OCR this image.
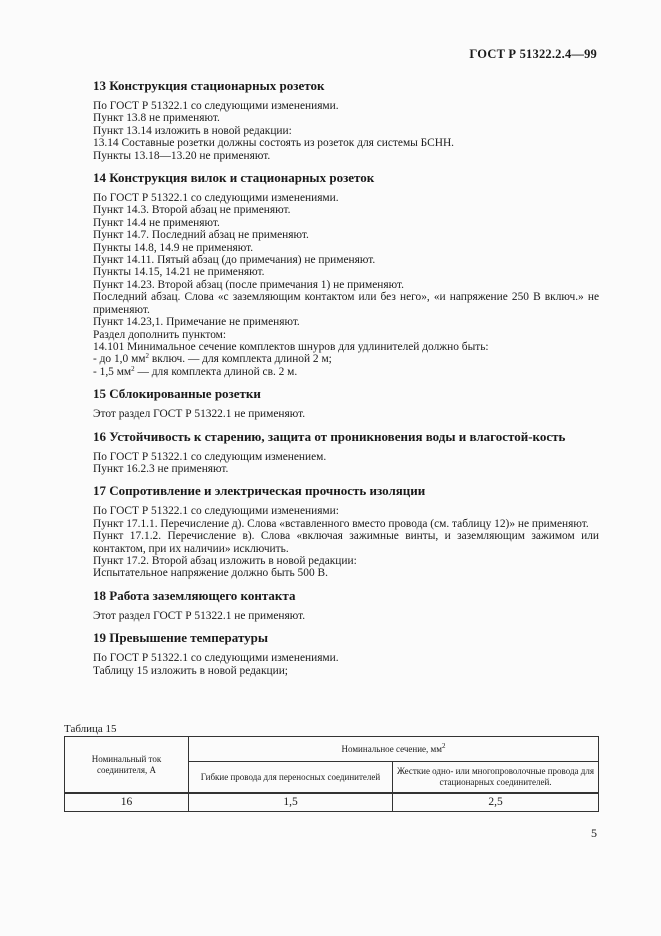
ГОСТ Р 51322.2.4—99
13 Конструкция стационарных розеток

По ГОСТ Р 51322.1 со следующими изменениями.

Пункт 13.8 не применяют.

Пункт 13.14 изложить в новой редакции:

13.14 Составные розетки должны состоять из розеток для системы БСНН.

Пункты 13.18—13.20 не применяют.

14 Конструкция вилок и стационарных розеток

По ГОСТ Р 51322.1 со следующими изменениями.

Пункт 14.3. Второй абзац не применяют.

Пункт 14.4 не применяют.

Пункт 14.7. Последний абзац не применяют.

Пункты 14.8, 14.9 не применяют.

Пункт 14.11. Пятый абзац (до примечания) не применяют.

Пункты 14.15, 14.21 не применяют.

Пункт 14.23. Второй абзац (после примечания 1) не применяют.

Последний абзац. Слова «с заземляющим контактом или без него», «и напряжение 250 В включ.» не применяют.

Пункт 14.23,1. Примечание не применяют.

Раздел дополнить пунктом:

14.101 Минимальное сечение комплектов шнуров для удлинителей должно быть:

- до 1,0 $мм^2$ включ. — для комплекта длиной 2 м;

- 1,5 $мм^2$ — для комплекта длиной св. 2 м.

15 Сблокированные розетки

Этот раздел ГОСТ Р 51322.1 не применяют.

16 Устойчивость к старению, защита от проникновения воды и влагостой-кость

По ГОСТ Р 51322.1 со следующим изменением.

Пункт 16.2.3 не применяют.

17 Сопротивление и электрическая прочность изоляции

По ГОСТ Р 51322.1 со следующими изменениями:

Пункт 17.1.1. Перечисление д). Слова «вставленного вместо провода (см. таблицу 12)» не применяют.

Пункт 17.1.2. Перечисление в). Слова «включая зажимные винты, и заземляющим зажимом или контактом, при их наличии» исключить.

Пункт 17.2. Второй абзац изложить в новой редакции:

Испытательное напряжение должно быть 500 В.

18 Работа заземляющего контакта

Этот раздел ГОСТ Р 51322.1 не применяют.

19 Превышение температуры

По ГОСТ Р 51322.1 со следующими изменениями.

Таблицу 15 изложить в новой редакции;

Таблица 15
Номинальный ток соединителя, А	Номинальное сечение, $мм^2$
	Гибкие провода для переносных соединителей	Жесткие одно- или многопроволочные провода для стационарных соединителей.
16	1,5	2,5
5
